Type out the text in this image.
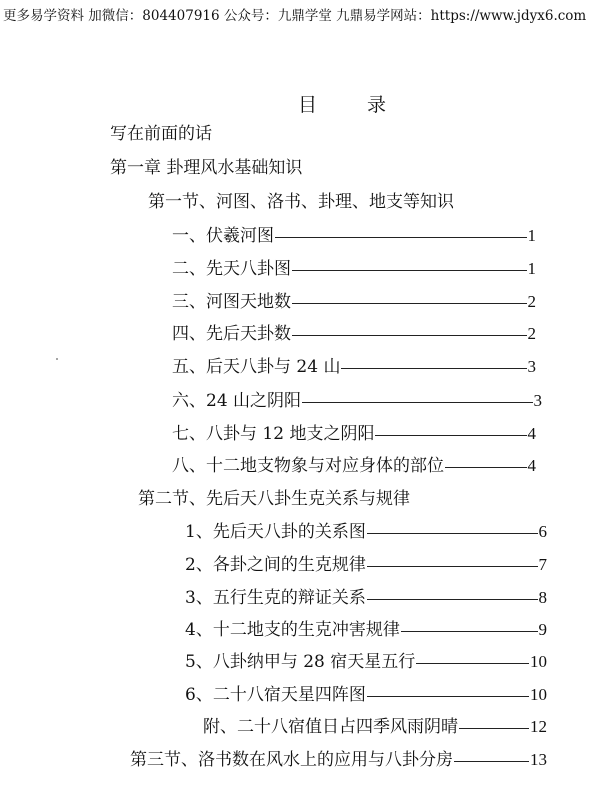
更多易学资料 加微信：804407916 公众号：九鼎学堂 九鼎易学网站：https://www.jdyx6.com
目	录
写在前面的话
第一章 卦理风水基础知识
第一节、河图、洛书、卦理、地支等知识
一、伏羲河图	1
二、先天八卦图	1
三、河图天地数	2
四、先后天卦数	2
五、后天八卦与 24 山	3
六、24 山之阴阳	3
七、八卦与 12 地支之阴阳	4
八、十二地支物象与对应身体的部位	4
第二节、先后天八卦生克关系与规律
1、先后天八卦的关系图	6
2、各卦之间的生克规律	7
3、五行生克的辩证关系	8
4、十二地支的生克冲害规律	9
5、八卦纳甲与 28 宿天星五行	10
6、二十八宿天星四阵图	10
附、二十八宿值日占四季风雨阴晴	12
第三节、洛书数在风水上的应用与八卦分房	13
